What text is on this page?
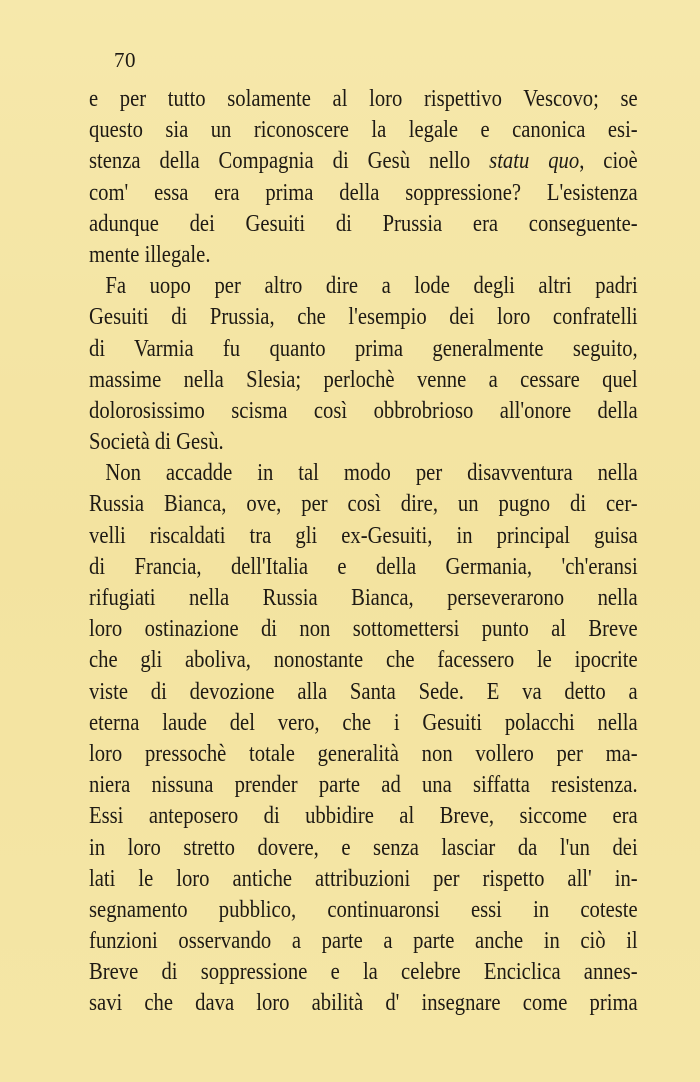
70
e per tutto solamente al loro rispettivo Vescovo; se
questo sia un riconoscere la legale e canonica esi-
stenza della Compagnia di Gesù nello statu quo, cioè
com' essa era prima della soppressione? L'esistenza
adunque dei Gesuiti di Prussia era conseguente-
mente illegale.
Fa uopo per altro dire a lode degli altri padri
Gesuiti di Prussia, che l'esempio dei loro confratelli
di Varmia fu quanto prima generalmente seguito,
massime nella Slesia; perlochè venne a cessare quel
dolorosissimo scisma così obbrobrioso all'onore della
Società di Gesù.
Non accadde in tal modo per disavventura nella
Russia Bianca, ove, per così dire, un pugno di cer-
velli riscaldati tra gli ex-Gesuiti, in principal guisa
di Francia, dell'Italia e della Germania, 'ch'eransi
rifugiati nella Russia Bianca, perseverarono nella
loro ostinazione di non sottomettersi punto al Breve
che gli aboliva, nonostante che facessero le ipocrite
viste di devozione alla Santa Sede. E va detto a
eterna laude del vero, che i Gesuiti polacchi nella
loro pressochè totale generalità non vollero per ma-
niera nissuna prender parte ad una siffatta resistenza.
Essi anteposero di ubbidire al Breve, siccome era
in loro stretto dovere, e senza lasciar da l'un dei
lati le loro antiche attribuzioni per rispetto all' in-
segnamento pubblico, continuaronsi essi in coteste
funzioni osservando a parte a parte anche in ciò il
Breve di soppressione e la celebre Enciclica annes-
savi che dava loro abilità d' insegnare come prima
